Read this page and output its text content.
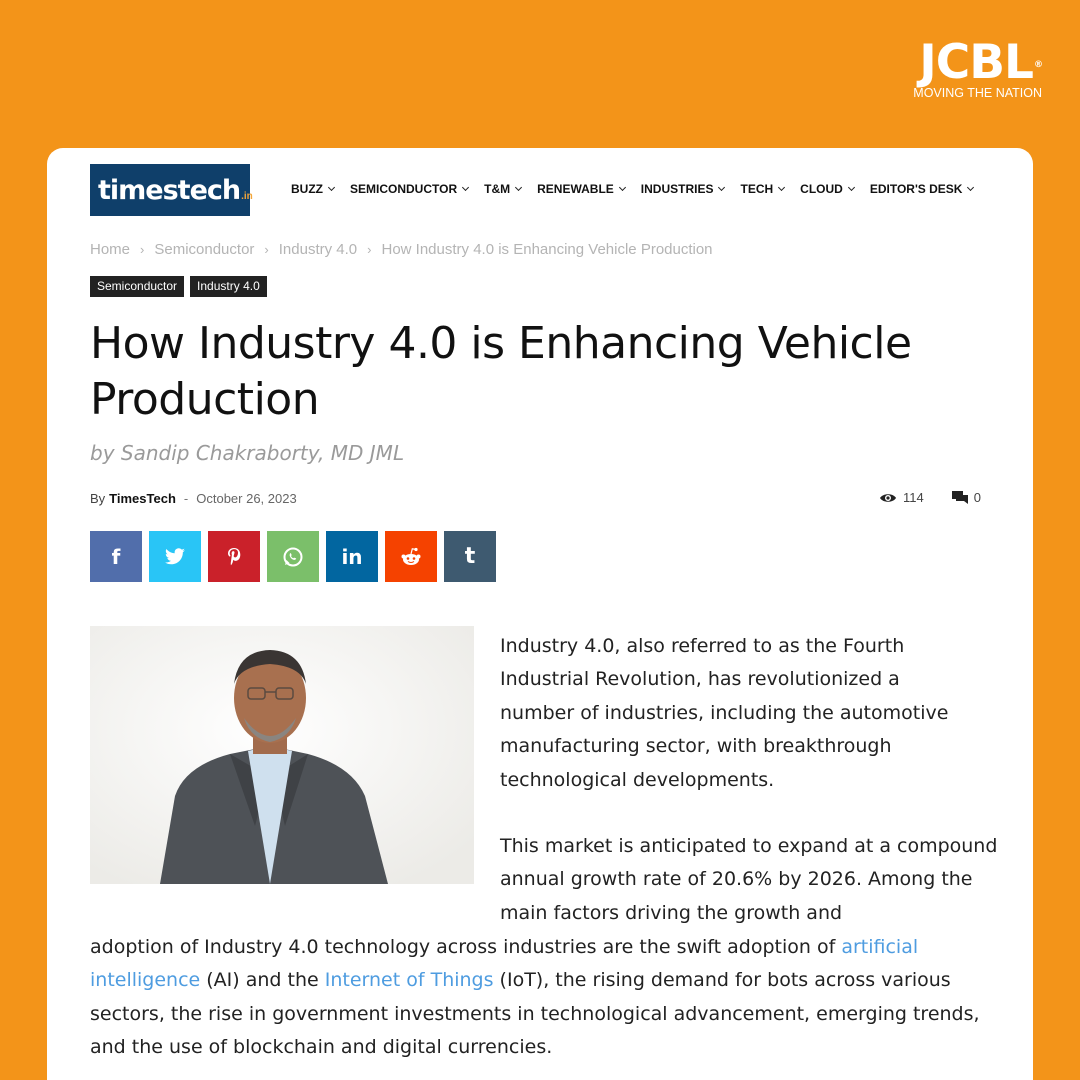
JCBL®
MOVING THE NATION
timestech .in	BUZZ SEMICONDUCTOR T&M RENEWABLE INDUSTRIES TECH CLOUD EDITOR'S DESK
Home › Semiconductor › Industry 4.0 › How Industry 4.0 is Enhancing Vehicle Production
Semiconductor	Industry 4.0
How Industry 4.0 is Enhancing Vehicle Production
by Sandip Chakraborty, MD JML
By TimesTech - October 26, 2023	114	0
f	in	t

Industry 4.0, also referred to as the Fourth Industrial Revolution, has revolutionized a number of industries, including the automotive manufacturing sector, with breakthrough technological developments.

This market is anticipated to expand at a compound annual growth rate of 20.6% by 2026. Among the main factors driving the growth and

adoption of Industry 4.0 technology across industries are the swift adoption of artificial intelligence (AI) and the Internet of Things (IoT), the rising demand for bots across various sectors, the rise in government investments in technological advancement, emerging trends, and the use of blockchain and digital currencies.
